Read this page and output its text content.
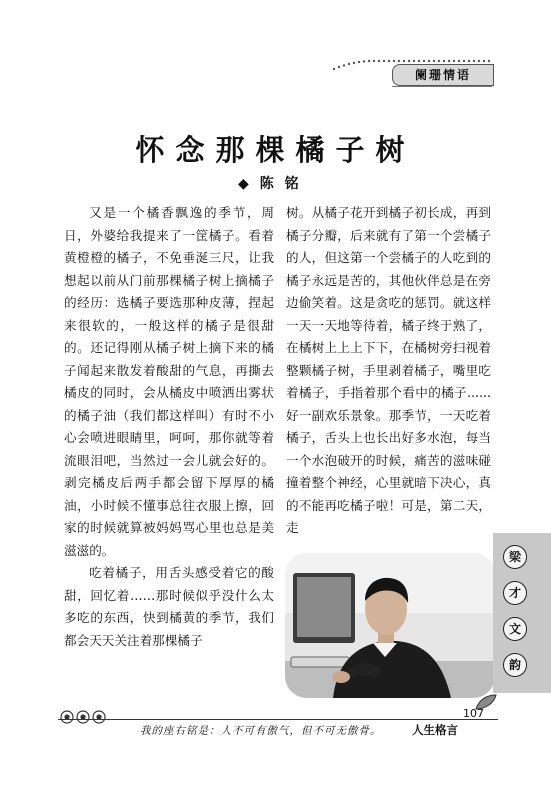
阑珊情语
怀念那棵橘子树
◆ 陈 铭

又是一个橘香飘逸的季节，周日，外婆给我提来了一筐橘子。看着黄橙橙的橘子，不免垂涎三尺，让我想起以前从门前那棵橘子树上摘橘子的经历：选橘子要选那种皮薄，捏起来很软的，一般这样的橘子是很甜的。还记得刚从橘子树上摘下来的橘子闻起来散发着酸甜的气息，再撕去橘皮的同时，会从橘皮中喷洒出雾状的橘子油（我们都这样叫）有时不小心会喷进眼睛里，呵呵，那你就等着流眼泪吧，当然过一会儿就会好的。剥完橘皮后两手都会留下厚厚的橘油，小时候不懂事总往衣服上擦，回家的时候就算被妈妈骂心里也总是美滋滋的。

吃着橘子，用舌头感受着它的酸甜，回忆着……那时候似乎没什么太多吃的东西，快到橘黄的季节，我们都会天天关注着那棵橘子

树。从橘子花开到橘子初长成，再到橘子分瓣，后来就有了第一个尝橘子的人，但这第一个尝橘子的人吃到的橘子永远是苦的，其他伙伴总是在旁边偷笑着。这是贪吃的惩罚。就这样一天一天地等待着，橘子终于熟了，在橘树上上上下下，在橘树旁扫视着整颗橘子树，手里剥着橘子，嘴里吃着橘子，手指着那个看中的橘子......好一副欢乐景象。那季节，一天吃着橘子，舌头上也长出好多水泡，每当一个水泡破开的时候，痛苦的滋味碰撞着整个神经，心里就暗下决心，真的不能再吃橘子啦！可是，第二天，走

梁
才
文
韵
107
我的座右铭是：人不可有傲气，但不可无傲骨。	人生格言
